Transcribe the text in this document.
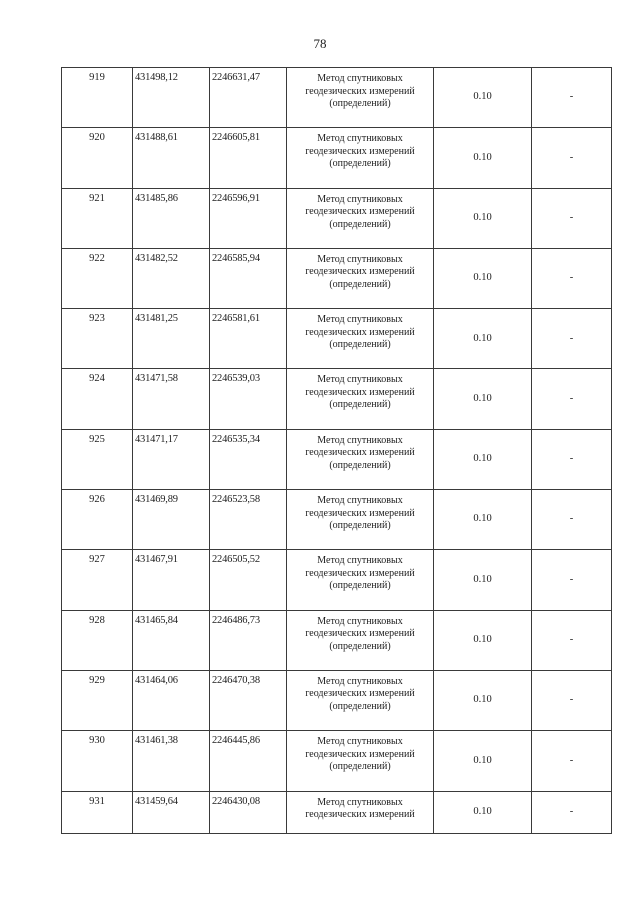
78
919	431498,12	2246631,47	Метод спутниковых
геодезических измерений
(определений)	0.10	-
920	431488,61	2246605,81	Метод спутниковых
геодезических измерений
(определений)	0.10	-
921	431485,86	2246596,91	Метод спутниковых
геодезических измерений
(определений)	0.10	-
922	431482,52	2246585,94	Метод спутниковых
геодезических измерений
(определений)	0.10	-
923	431481,25	2246581,61	Метод спутниковых
геодезических измерений
(определений)	0.10	-
924	431471,58	2246539,03	Метод спутниковых
геодезических измерений
(определений)	0.10	-
925	431471,17	2246535,34	Метод спутниковых
геодезических измерений
(определений)	0.10	-
926	431469,89	2246523,58	Метод спутниковых
геодезических измерений
(определений)	0.10	-
927	431467,91	2246505,52	Метод спутниковых
геодезических измерений
(определений)	0.10	-
928	431465,84	2246486,73	Метод спутниковых
геодезических измерений
(определений)	0.10	-
929	431464,06	2246470,38	Метод спутниковых
геодезических измерений
(определений)	0.10	-
930	431461,38	2246445,86	Метод спутниковых
геодезических измерений
(определений)	0.10	-
931	431459,64	2246430,08	Метод спутниковых
геодезических измерений	0.10	-
